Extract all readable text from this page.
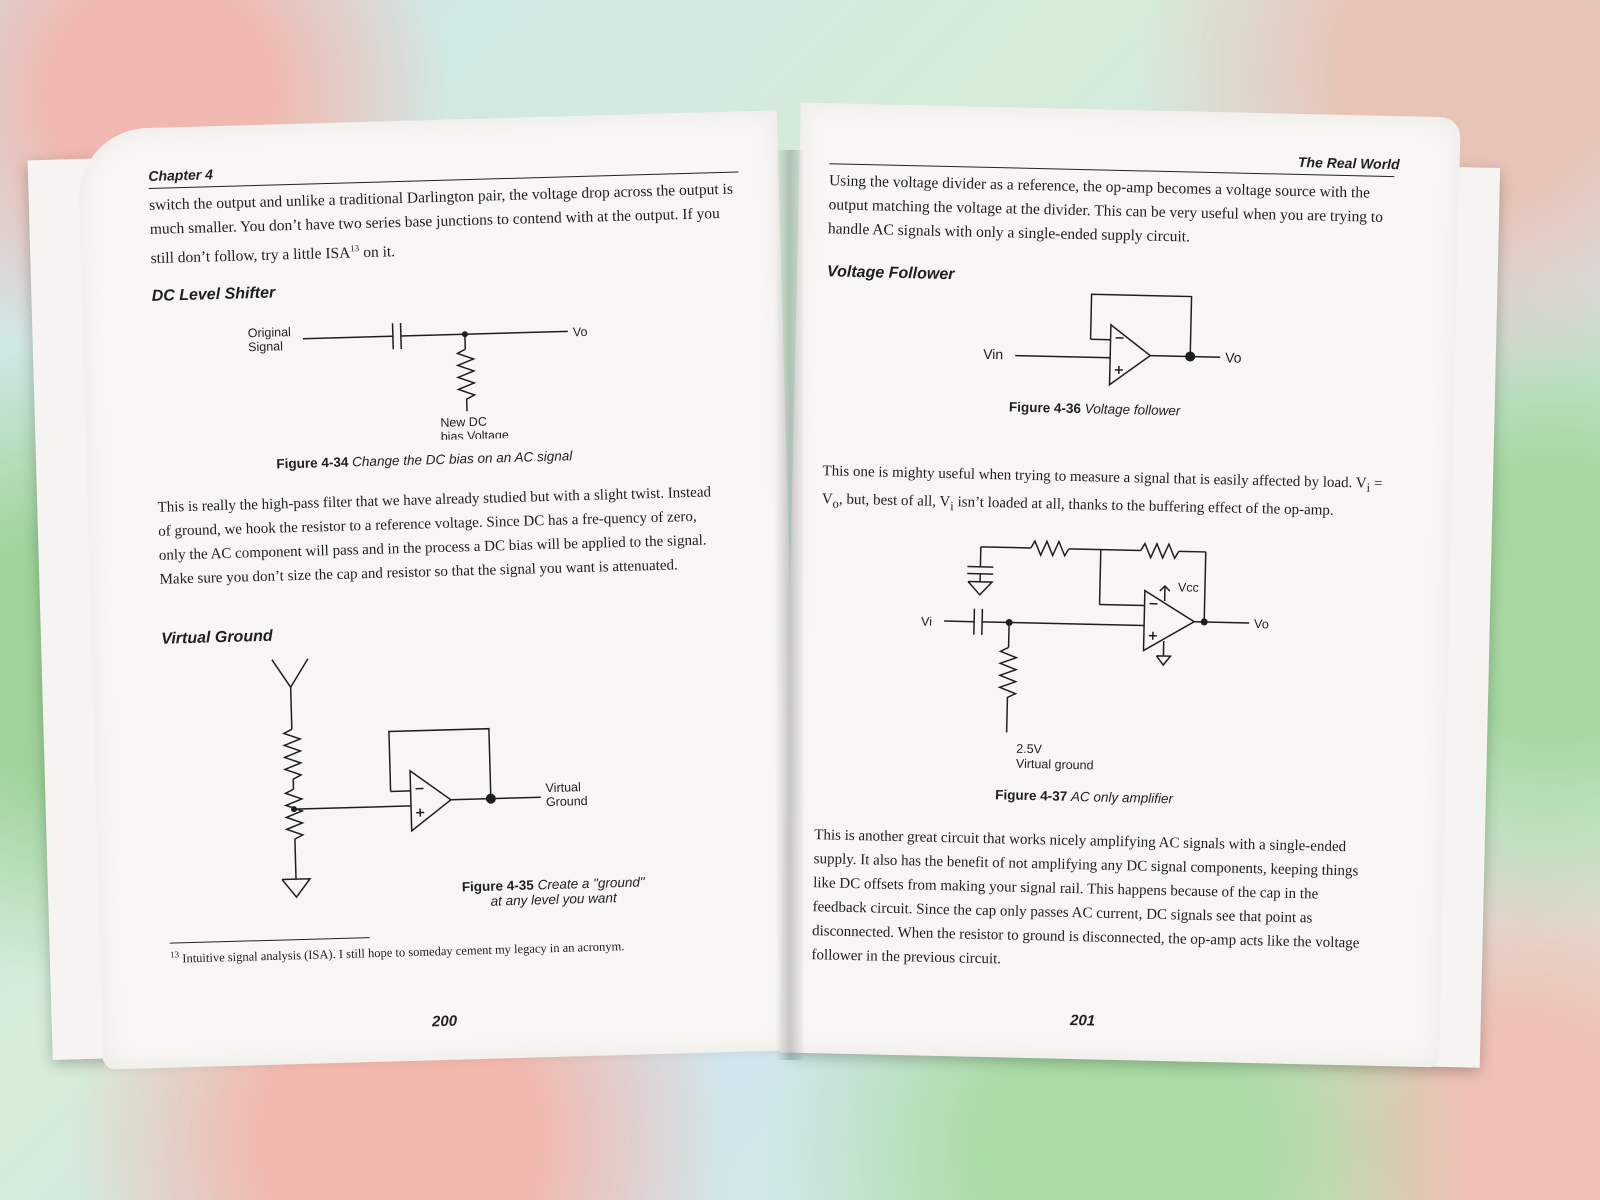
Chapter 4
switch the output and unlike a traditional Darlington pair, the voltage drop across the output is much smaller. You don’t have two series base junctions to contend with at the output. If you still don’t follow, try a little ISA$^{13}$ on it.
DC Level Shifter
Original
Signal
Vo
New DC
bias Voltage
Figure 4-34 Change the DC bias on an AC signal
This is really the high-pass filter that we have already studied but with a slight twist. Instead of ground, we hook the resistor to a reference voltage. Since DC has a fre-quency of zero, only the AC component will pass and in the process a DC bias will be applied to the signal. Make sure you don’t size the cap and resistor so that the signal you want is attenuated.
Virtual Ground
Virtual
Ground
Figure 4-35 Create a "ground"
at any level you want
$^{13}$ Intuitive signal analysis (ISA). I still hope to someday cement my legacy in an acronym.
200
The Real World
Using the voltage divider as a reference, the op-amp becomes a voltage source with the output matching the voltage at the divider. This can be very useful when you are trying to handle AC signals with only a single-ended supply circuit.
Voltage Follower
Vin	Vo
Figure 4-36 Voltage follower
This one is mighty useful when trying to measure a signal that is easily affected by load. $V_i = V_o$, but, best of all, $V_i$ isn’t loaded at all, thanks to the buffering effect of the op-amp.
Vcc
Vi	Vo
2.5V
Virtual ground
Figure 4-37 AC only amplifier
This is another great circuit that works nicely amplifying AC signals with a single-ended supply. It also has the benefit of not amplifying any DC signal components, keeping things like DC offsets from making your signal rail. This happens because of the cap in the feedback circuit. Since the cap only passes AC current, DC signals see that point as disconnected. When the resistor to ground is disconnected, the op-amp acts like the voltage follower in the previous circuit.
201
